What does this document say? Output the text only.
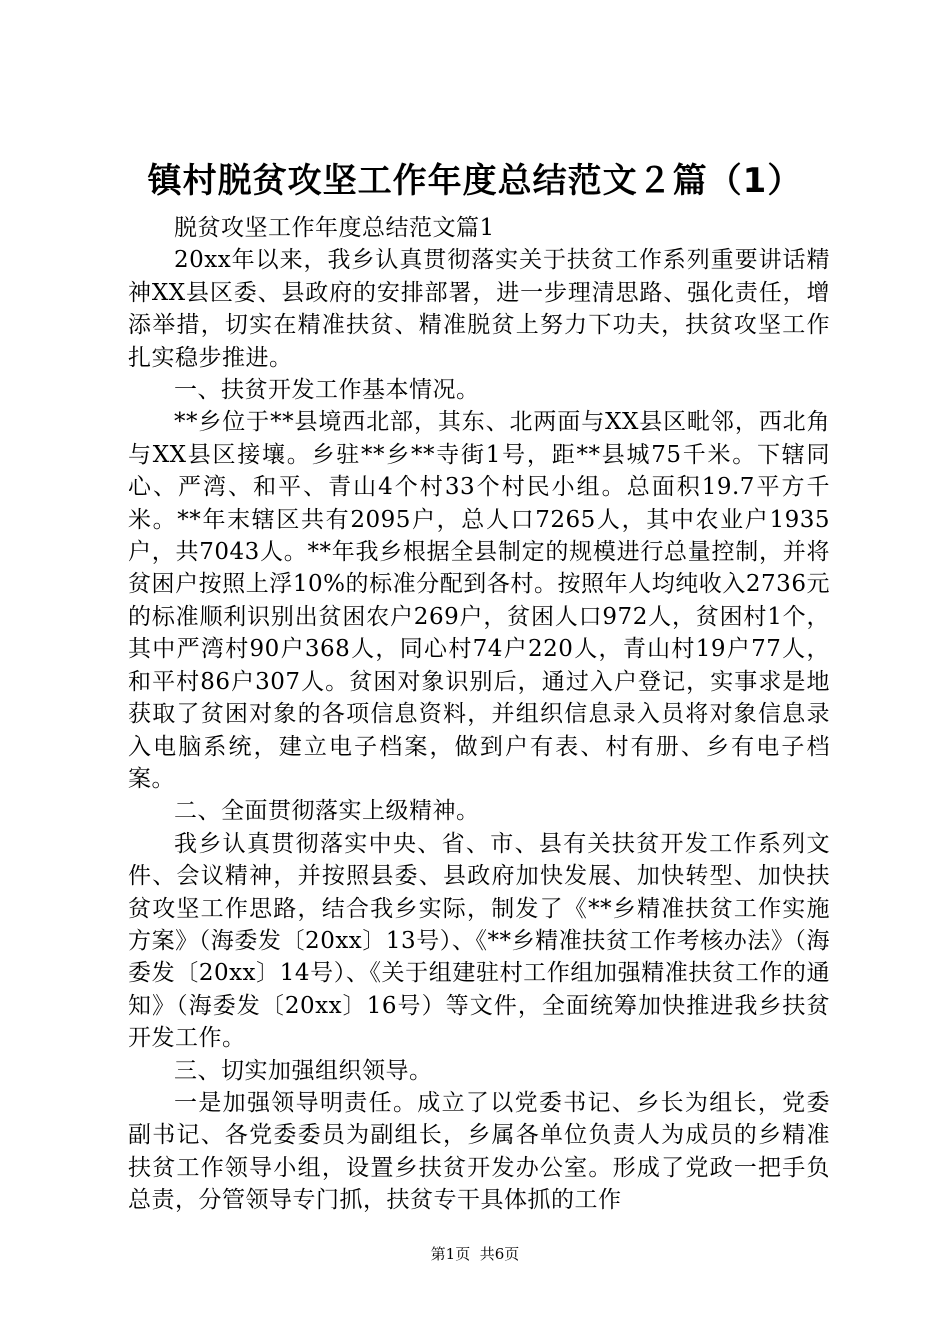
镇村脱贫攻坚工作年度总结范文２篇（1）

脱贫攻坚工作年度总结范文篇1

20xx年以来，我乡认真贯彻落实关于扶贫工作系列重要讲话精神XX县区委、县政府的安排部署，进一步理清思路、强化责任，增添举措，切实在精准扶贫、精准脱贫上努力下功夫，扶贫攻坚工作扎实稳步推进。

一、扶贫开发工作基本情况。

**乡位于**县境西北部，其东、北两面与XX县区毗邻，西北角与XX县区接壤。乡驻**乡**寺街1号，距**县城75千米。下辖同心、严湾、和平、青山4个村33个村民小组。总面积19.7平方千米。**年末辖区共有2095户，总人口7265人，其中农业户1935户，共7043人。**年我乡根据全县制定的规模进行总量控制，并将贫困户按照上浮10%的标准分配到各村。按照年人均纯收入2736元的标准顺利识别出贫困农户269户，贫困人口972人，贫困村1个，其中严湾村90户368人，同心村74户220人，青山村19户77人，和平村86户307人。贫困对象识别后，通过入户登记，实事求是地获取了贫困对象的各项信息资料，并组织信息录入员将对象信息录入电脑系统，建立电子档案，做到户有表、村有册、乡有电子档案。

二、全面贯彻落实上级精神。

我乡认真贯彻落实中央、省、市、县有关扶贫开发工作系列文件、会议精神，并按照县委、县政府加快发展、加快转型、加快扶贫攻坚工作思路，结合我乡实际，制发了《**乡精准扶贫工作实施方案》（海委发〔20xx〕13号）、《**乡精准扶贫工作考核办法》（海委发〔20xx〕14号）、《关于组建驻村工作组加强精准扶贫工作的通知》（海委发〔20xx〕16号）等文件，全面统筹加快推进我乡扶贫开发工作。

三、切实加强组织领导。

一是加强领导明责任。成立了以党委书记、乡长为组长，党委副书记、各党委委员为副组长，乡属各单位负责人为成员的乡精准扶贫工作领导小组，设置乡扶贫开发办公室。形成了党政一把手负总责，分管领导专门抓，扶贫专干具体抓的工作

第1页 共6页
